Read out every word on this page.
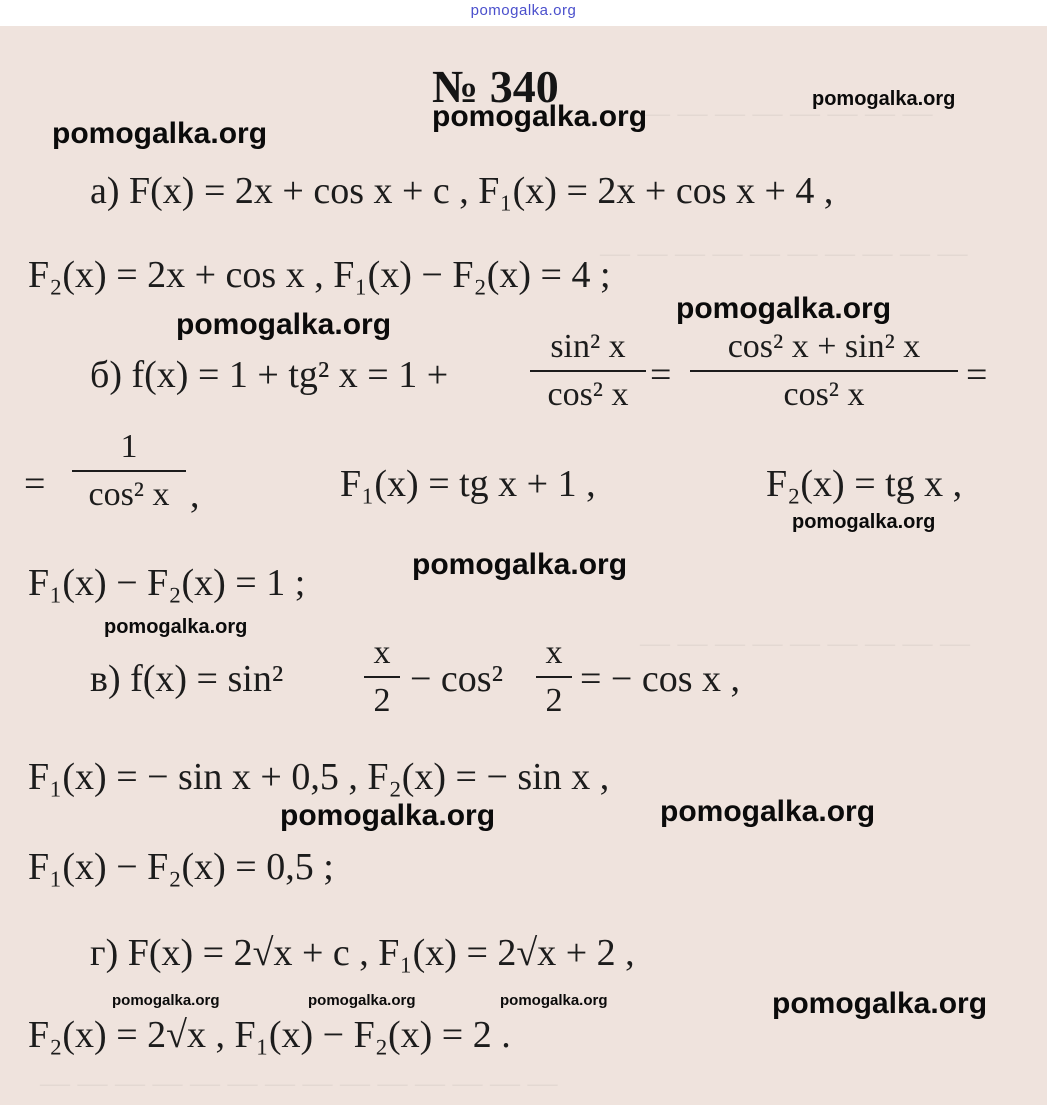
pomogalka.org
№ 340
а) F(x) = 2x + cos x + c , F₁(x) = 2x + cos x + 4 ,
F₂(x) = 2x + cos x , F₁(x) − F₂(x) = 4 ;
б) f(x) = 1 + tg² x = 1 +
sin² x
cos² x =
cos² x + sin² x
cos² x	=
=
1
cos² x ,	F₁(x) = tg x + 1 ,	F₂(x) = tg x ,
F₁(x) − F₂(x) = 1 ;
в) f(x) = sin²
x
2
− cos²
x
2
= − cos x ,
F₁(x) = − sin x + 0,5 , F₂(x) = − sin x ,
F₁(x) − F₂(x) = 0,5 ;
г) F(x) = 2√x + c , F₁(x) = 2√x + 2 ,
F₂(x) = 2√x , F₁(x) − F₂(x) = 2 .
pomogalka.org
pomogalka.org
pomogalka.org
pomogalka.org
pomogalka.org
pomogalka.org
pomogalka.org
pomogalka.org
pomogalka.org	pomogalka.org
pomogalka.org	pomogalka.org	pomogalka.org	pomogalka.org
